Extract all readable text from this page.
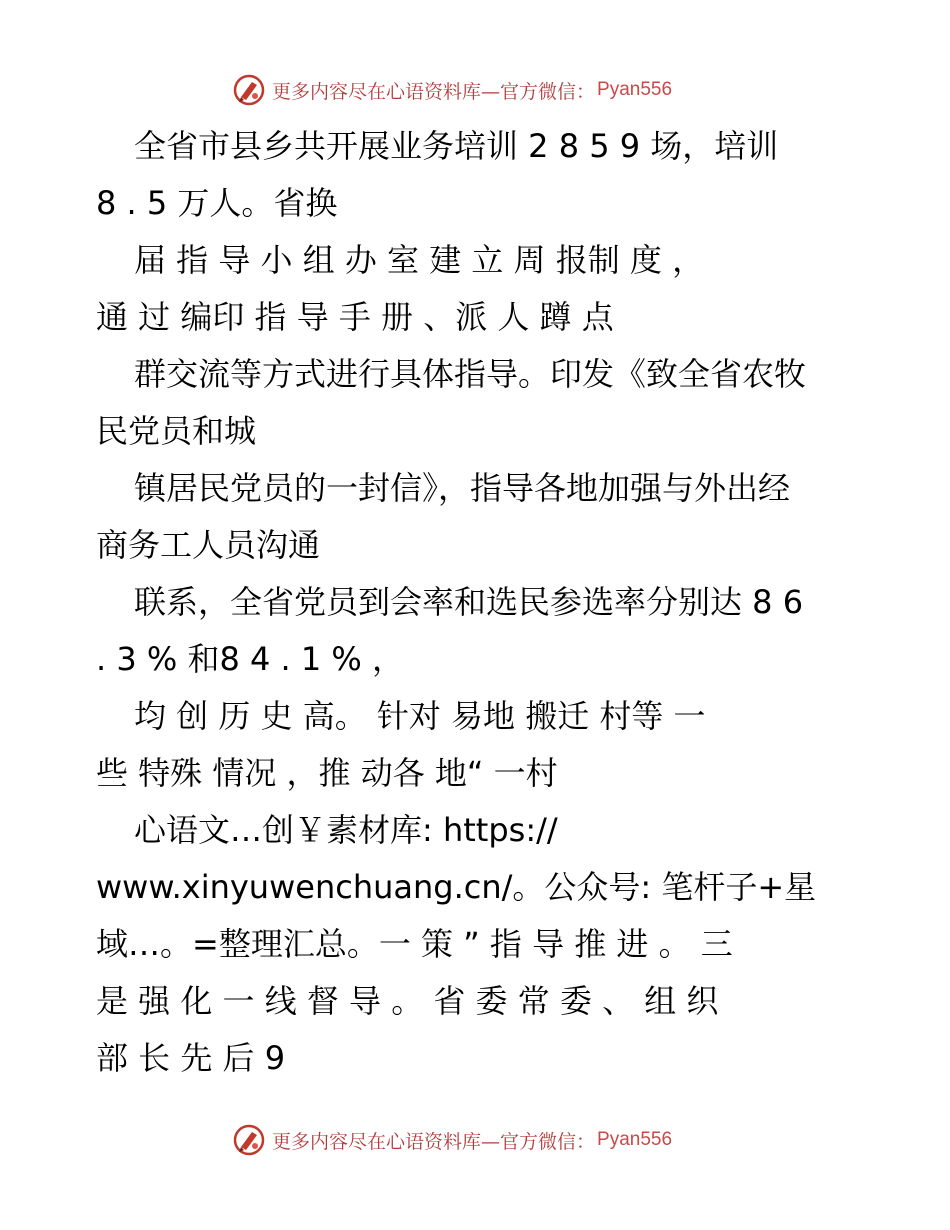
更多内容尽在心语资料库—官方微信： Pyan556
全省市县乡共开展业务培训 2 8 5 9 场，培训
8 . 5 万人。省换
届 指 导 小 组 办 室 建 立 周 报制 度 ，
通 过 编印 指 导 手 册 、派 人 蹲 点
群交流等方式进行具体指导。印发《致全省农牧
民党员和城
镇居民党员的一封信》，指导各地加强与外出经
商务工人员沟通
联系，全省党员到会率和选民参选率分别达 8 6
. 3 % 和8 4 . 1 % ，
均 创 历 史 高。 针对 易地 搬迁 村等 一
些 特殊 情况 ，推 动各 地“ 一村
心语文…创￥素材库: https://
www.xinyuwenchuang.cn/。公众号: 笔杆子+星
域…。=整理汇总。一 策 ” 指 导 推 进 。 三
是 强 化 一 线 督 导 。 省 委 常 委 、 组 织
部 长 先 后 9
更多内容尽在心语资料库—官方微信： Pyan556
